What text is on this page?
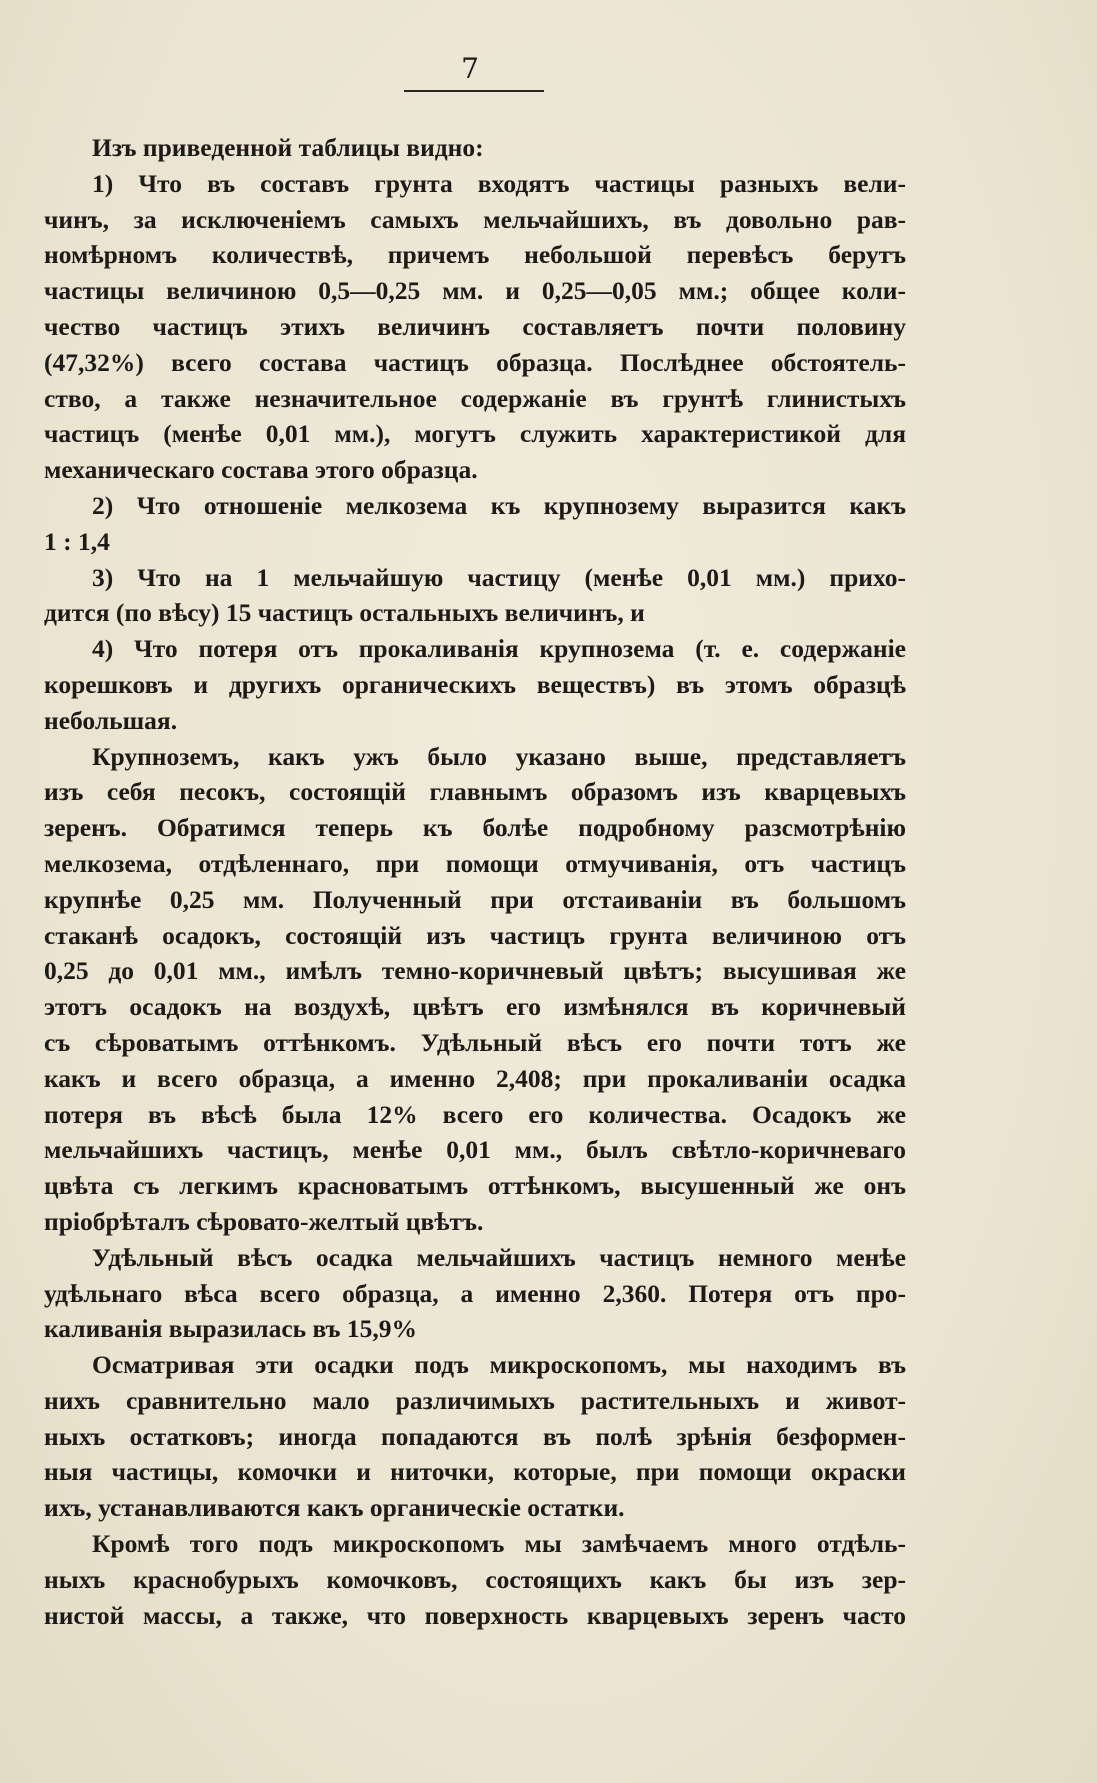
7
Изъ приведенной таблицы видно:
1) Что въ составъ грунта входятъ частицы разныхъ вели-
чинъ, за исключеніемъ самыхъ мельчайшихъ, въ довольно рав-
номѣрномъ количествѣ, причемъ небольшой перевѣсъ берутъ
частицы величиною 0,5—0,25 мм. и 0,25—0,05 мм.; общее коли-
чество частицъ этихъ величинъ составляетъ почти половину
(47,32%) всего состава частицъ образца. Послѣднее обстоятель-
ство, а также незначительное содержаніе въ грунтѣ глинистыхъ
частицъ (менѣе 0,01 мм.), могутъ служить характеристикой для
механическаго состава этого образца.
2) Что отношеніе мелкозема къ крупнозему выразится какъ
1 : 1,4
3) Что на 1 мельчайшую частицу (менѣе 0,01 мм.) прихо-
дится (по вѣсу) 15 частицъ остальныхъ величинъ, и
4) Что потеря отъ прокаливанія крупнозема (т. е. содержаніе
корешковъ и другихъ органическихъ веществъ) въ этомъ образцѣ
небольшая.
Крупноземъ, какъ ужъ было указано выше, представляетъ
изъ себя песокъ, состоящій главнымъ образомъ изъ кварцевыхъ
зеренъ. Обратимся теперь къ болѣе подробному разсмотрѣнію
мелкозема, отдѣленнаго, при помощи отмучиванія, отъ частицъ
крупнѣе 0,25 мм. Полученный при отстаиваніи въ большомъ
стаканѣ осадокъ, состоящій изъ частицъ грунта величиною отъ
0,25 до 0,01 мм., имѣлъ темно-коричневый цвѣтъ; высушивая же
этотъ осадокъ на воздухѣ, цвѣтъ его измѣнялся въ коричневый
съ сѣроватымъ оттѣнкомъ. Удѣльный вѣсъ его почти тотъ же
какъ и всего образца, а именно 2,408; при прокаливаніи осадка
потеря въ вѣсѣ была 12% всего его количества. Осадокъ же
мельчайшихъ частицъ, менѣе 0,01 мм., былъ свѣтло-коричневаго
цвѣта съ легкимъ красноватымъ оттѣнкомъ, высушенный же онъ
пріобрѣталъ сѣровато-желтый цвѣтъ.
Удѣльный вѣсъ осадка мельчайшихъ частицъ немного менѣе
удѣльнаго вѣса всего образца, а именно 2,360. Потеря отъ про-
каливанія выразилась въ 15,9%
Осматривая эти осадки подъ микроскопомъ, мы находимъ въ
нихъ сравнительно мало различимыхъ растительныхъ и живот-
ныхъ остатковъ; иногда попадаются въ полѣ зрѣнія безформен-
ныя частицы, комочки и ниточки, которые, при помощи окраски
ихъ, устанавливаются какъ органическіе остатки.
Кромѣ того подъ микроскопомъ мы замѣчаемъ много отдѣль-
ныхъ краснобурыхъ комочковъ, состоящихъ какъ бы изъ зер-
нистой массы, а также, что поверхность кварцевыхъ зеренъ часто
